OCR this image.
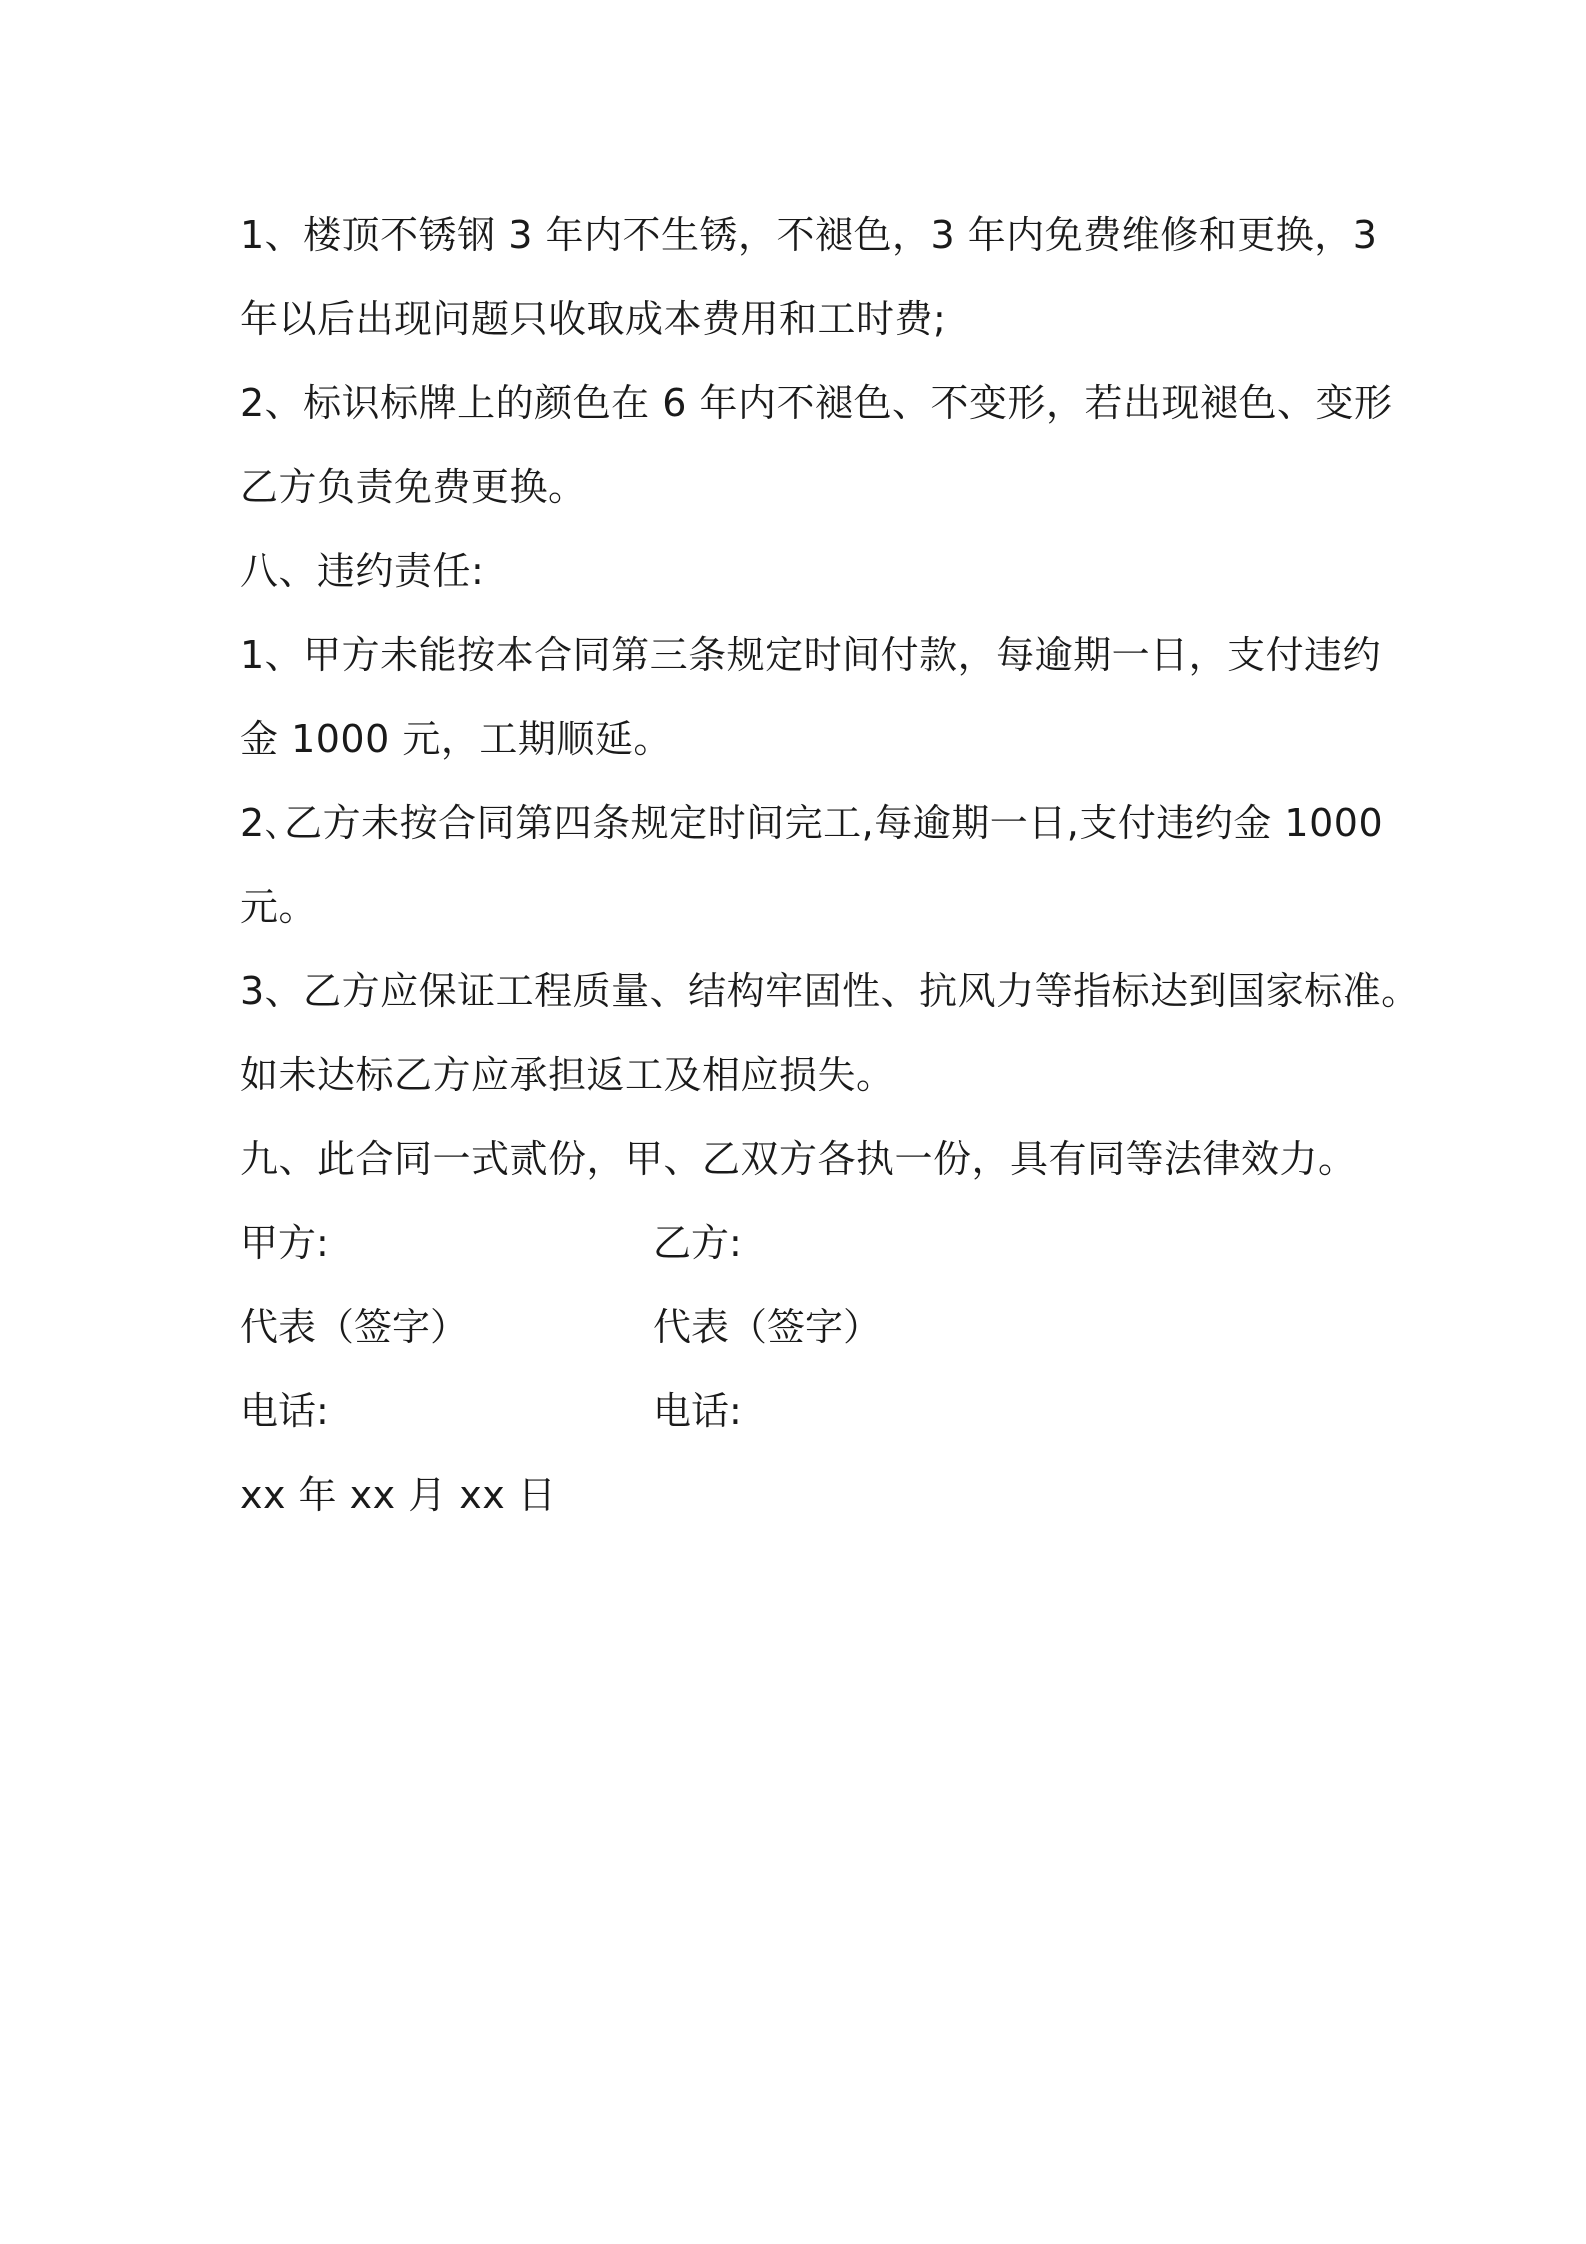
1、楼顶不锈钢 3 年内不生锈，不褪色，3 年内免费维修和更换，3
年以后出现问题只收取成本费用和工时费;
2、标识标牌上的颜色在 6 年内不褪色、不变形，若出现褪色、变形
乙方负责免费更换。
八、违约责任:
1、甲方未能按本合同第三条规定时间付款，每逾期一日，支付违约
金 1000 元，工期顺延。
2､乙方未按合同第四条规定时间完工,每逾期一日,支付违约金 1000
元。
3、乙方应保证工程质量、结构牢固性、抗风力等指标达到国家标准。
如未达标乙方应承担返工及相应损失。
九、此合同一式贰份，甲、乙双方各执一份，具有同等法律效力。
甲方:	乙方:
代表（签字）	代表（签字）
电话:	电话:
xx 年 xx 月 xx 日
